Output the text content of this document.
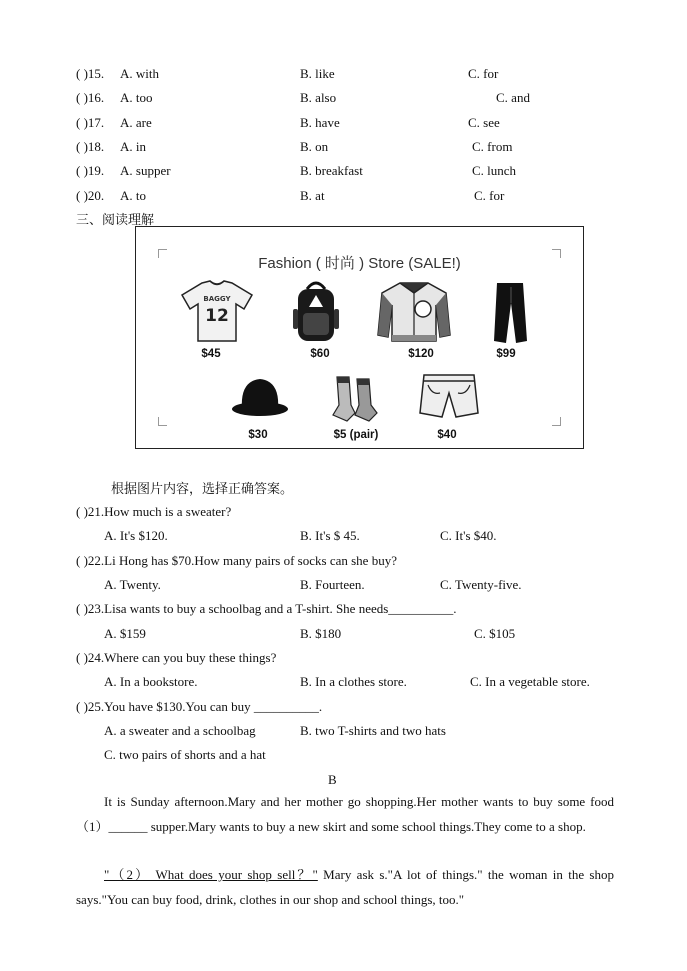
( )15. A. with	B. like	C. for
( )16. A. too	B. also	C. and
( )17. A. are	B. have	C. see
( )18. A. in	B. on	C. from
( )19. A. supper	B. breakfast	C. lunch
( )20. A. to	B. at	C. for
三、阅读理解
Fashion ( 时尚 ) Store (SALE!)
BAGGY
12
$45	$60	$120	$99
$30	$5 (pair)	$40
根据图片内容，选择正确答案。
( )21.How much is a sweater?
A. It's $120.	B. It's $ 45.	C. It's $40.
( )22.Li Hong has $70.How many pairs of socks can she buy?
A. Twenty.	B. Fourteen.	C. Twenty-five.
( )23.Lisa wants to buy a schoolbag and a T-shirt. She needs__________.
A. $159	B. $180	C. $105
( )24.Where can you buy these things?
A. In a bookstore.	B. In a clothes store.	C. In a vegetable store.
( )25.You have $130.You can buy __________.
A. a sweater and a schoolbag	B. two T-shirts and two hats
C. two pairs of shorts and a hat
B
It is Sunday afternoon.Mary and her mother go shopping.Her mother wants to buy some food （1）______ supper.Mary wants to buy a new skirt and some school things.They come to a shop.
"（2） What does your shop sell？" Mary ask s."A lot of things." the woman in the shop says."You can buy food, drink, clothes in our shop and school things, too."
